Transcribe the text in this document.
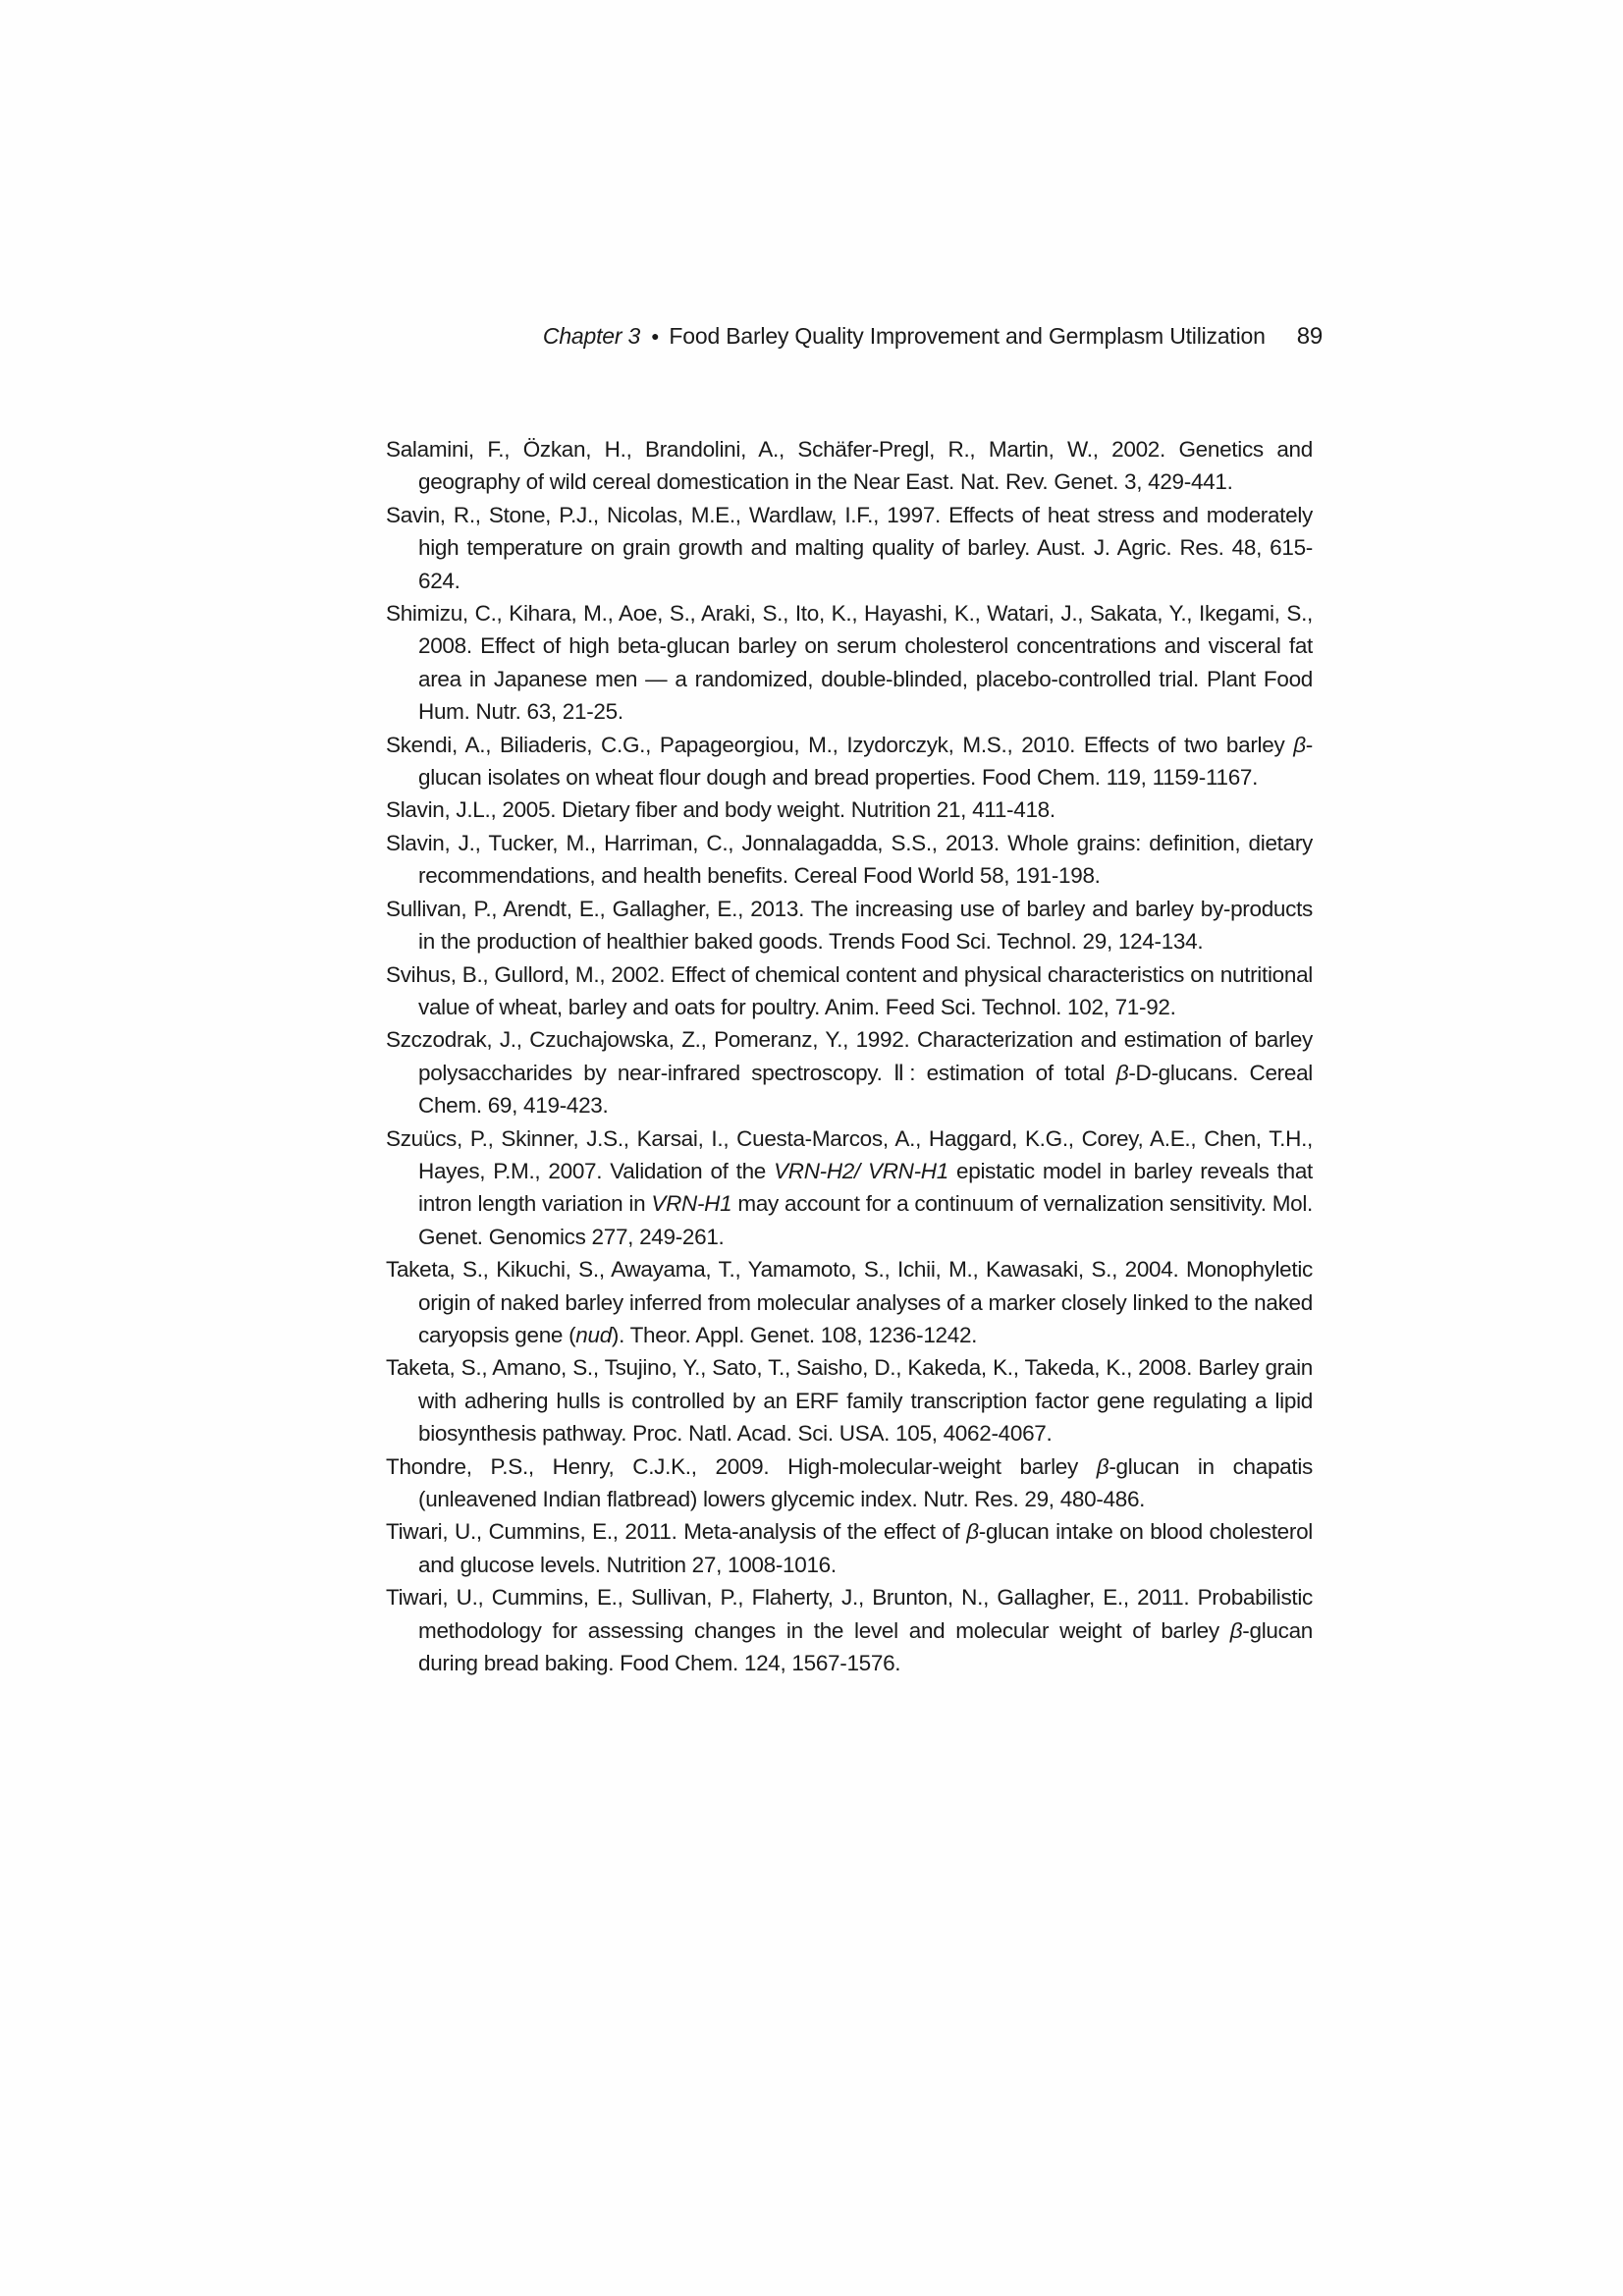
Chapter 3 ● Food Barley Quality Improvement and Germplasm Utilization 89

Salamini, F., Özkan, H., Brandolini, A., Schäfer-Pregl, R., Martin, W., 2002. Genetics and geography of wild cereal domestication in the Near East. Nat. Rev. Genet. 3, 429-441.

Savin, R., Stone, P.J., Nicolas, M.E., Wardlaw, I.F., 1997. Effects of heat stress and moderately high temperature on grain growth and malting quality of barley. Aust. J. Agric. Res. 48, 615-624.

Shimizu, C., Kihara, M., Aoe, S., Araki, S., Ito, K., Hayashi, K., Watari, J., Sakata, Y., Ikegami, S., 2008. Effect of high beta-glucan barley on serum cholesterol concentrations and visceral fat area in Japanese men — a randomized, double-blinded, placebo-controlled trial. Plant Food Hum. Nutr. 63, 21-25.

Skendi, A., Biliaderis, C.G., Papageorgiou, M., Izydorczyk, M.S., 2010. Effects of two barley β-glucan isolates on wheat flour dough and bread properties. Food Chem. 119, 1159-1167.

Slavin, J.L., 2005. Dietary fiber and body weight. Nutrition 21, 411-418.

Slavin, J., Tucker, M., Harriman, C., Jonnalagadda, S.S., 2013. Whole grains: definition, dietary recommendations, and health benefits. Cereal Food World 58, 191-198.

Sullivan, P., Arendt, E., Gallagher, E., 2013. The increasing use of barley and barley by-products in the production of healthier baked goods. Trends Food Sci. Technol. 29, 124-134.

Svihus, B., Gullord, M., 2002. Effect of chemical content and physical characteristics on nutritional value of wheat, barley and oats for poultry. Anim. Feed Sci. Technol. 102, 71-92.

Szczodrak, J., Czuchajowska, Z., Pomeranz, Y., 1992. Characterization and estimation of barley polysaccharides by near-infrared spectroscopy. Ⅱ: estimation of total β-D-glucans. Cereal Chem. 69, 419-423.

Szuücs, P., Skinner, J.S., Karsai, I., Cuesta-Marcos, A., Haggard, K.G., Corey, A.E., Chen, T.H., Hayes, P.M., 2007. Validation of the VRN-H2/ VRN-H1 epistatic model in barley reveals that intron length variation in VRN-H1 may account for a continuum of vernalization sensitivity. Mol. Genet. Genomics 277, 249-261.

Taketa, S., Kikuchi, S., Awayama, T., Yamamoto, S., Ichii, M., Kawasaki, S., 2004. Monophyletic origin of naked barley inferred from molecular analyses of a marker closely linked to the naked caryopsis gene (nud). Theor. Appl. Genet. 108, 1236-1242.

Taketa, S., Amano, S., Tsujino, Y., Sato, T., Saisho, D., Kakeda, K., Takeda, K., 2008. Barley grain with adhering hulls is controlled by an ERF family transcription factor gene regulating a lipid biosynthesis pathway. Proc. Natl. Acad. Sci. USA. 105, 4062-4067.

Thondre, P.S., Henry, C.J.K., 2009. High-molecular-weight barley β-glucan in chapatis (unleavened Indian flatbread) lowers glycemic index. Nutr. Res. 29, 480-486.

Tiwari, U., Cummins, E., 2011. Meta-analysis of the effect of β-glucan intake on blood cholesterol and glucose levels. Nutrition 27, 1008-1016.

Tiwari, U., Cummins, E., Sullivan, P., Flaherty, J., Brunton, N., Gallagher, E., 2011. Probabilistic methodology for assessing changes in the level and molecular weight of barley β-glucan during bread baking. Food Chem. 124, 1567-1576.
